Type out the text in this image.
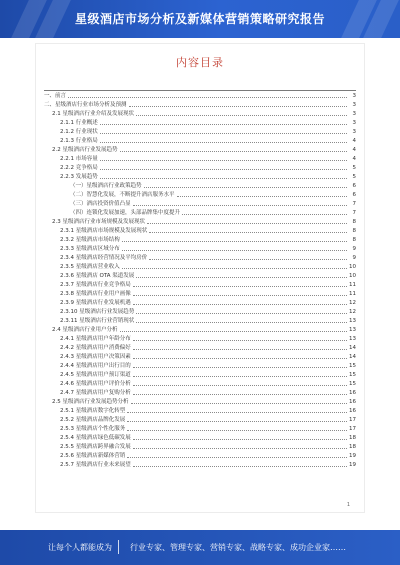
星级酒店市场分析及新媒体营销策略研究报告
内容目录
一、前言	3
二、星级酒店行业市场分析及预测	3
2.1 星级酒店行业介绍及发展现状	3
2.1.1 行业概述	3
2.1.2 行业现状	3
2.1.3 行业格局	4
2.2 星级酒店行业发展趋势	4
2.2.1 市场容量	4
2.2.2 竞争格局	5
2.2.3 发展趋势	5
（一）星级酒店行业政策趋势	6
（二）智慧化发展，不断提升酒店服务水平	6
（三）酒店投资价值凸显	7
（四）连锁化发展加速，头部品牌集中度提升	7
2.3 星级酒店行业市场规模及发展现状	8
2.3.1 星级酒店市场规模及发展现状	8
2.3.2 星级酒店市场结构	8
2.3.3 星级酒店区域分布	9
2.3.4 星级酒店经营情况及平均房价	9
2.3.5 星级酒店营业收入	10
2.3.6 星级酒店 OTA 渠道发展	10
2.3.7 星级酒店行业竞争格局	11
2.3.8 星级酒店行业用户画像	11
2.3.9 星级酒店行业发展机遇	12
2.3.10 星级酒店行业发展趋势	12
2.3.11 星级酒店行业营销现状	13
2.4 星级酒店行业用户分析	13
2.4.1 星级酒店用户年龄分布	13
2.4.2 星级酒店用户消费偏好	14
2.4.3 星级酒店用户决策因素	14
2.4.4 星级酒店用户出行目的	15
2.4.5 星级酒店用户预订渠道	15
2.4.6 星级酒店用户评价分析	15
2.4.7 星级酒店用户复购分析	16
2.5 星级酒店行业发展趋势分析	16
2.5.1 星级酒店数字化转型	16
2.5.2 星级酒店品牌化发展	17
2.5.3 星级酒店个性化服务	17
2.5.4 星级酒店绿色低碳发展	18
2.5.5 星级酒店跨界融合发展	18
2.5.6 星级酒店新媒体营销	19
2.5.7 星级酒店行业未来展望	19
1
让每个人都能成为 行业专家、管理专家、营销专家、战略专家、成功企业家……
